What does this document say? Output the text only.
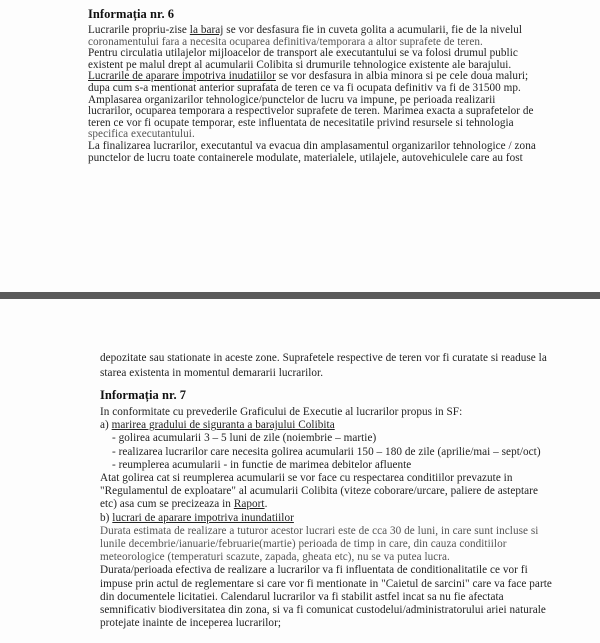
Informația nr. 6
Lucrarile propriu-zise la baraj se vor desfasura fie in cuveta golita a acumularii, fie de la nivelul
coronamentului fara a necesita ocuparea definitiva/temporara a altor suprafete de teren.
Pentru circulatia utilajelor mijloacelor de transport ale executantului se va folosi drumul public
existent pe malul drept al acumularii Colibita si drumurile tehnologice existente ale barajului.
Lucrarile de aparare impotriva inudatiilor se vor desfasura in albia minora si pe cele doua maluri;
dupa cum s-a mentionat anterior suprafata de teren ce va fi ocupata definitiv va fi de 31500 mp.
Amplasarea organizarilor tehnologice/punctelor de lucru va impune, pe perioada realizarii
lucrarilor, ocuparea temporara a respectivelor suprafete de teren. Marimea exacta a suprafetelor de
teren ce vor fi ocupate temporar, este influentata de necesitatile privind resursele si tehnologia
specifica executantului.
La finalizarea lucrarilor, executantul va evacua din amplasamentul organizarilor tehnologice / zona
punctelor de lucru toate containerele modulate, materialele, utilajele, autovehiculele care au fost
depozitate sau stationate in aceste zone. Suprafetele respective de teren vor fi curatate si readuse la
starea existenta in momentul demararii lucrarilor.
Informația nr. 7
In conformitate cu prevederile Graficului de Executie al lucrarilor propus in SF:
a) marirea gradului de siguranta a barajului Colibita
- golirea acumularii 3 – 5 luni de zile (noiembrie – martie)
- realizarea lucrarilor care necesita golirea acumularii 150 – 180 de zile (aprilie/mai – sept/oct)
- reumplerea acumularii - in functie de marimea debitelor afluente
Atat golirea cat si reumplerea acumularii se vor face cu respectarea conditiilor prevazute in
"Regulamentul de exploatare" al acumularii Colibita (viteze coborare/urcare, paliere de asteptare
etc) asa cum se precizeaza in Raport.
b) lucrari de aparare impotriva inundatiilor
Durata estimata de realizare a tuturor acestor lucrari este de cca 30 de luni, in care sunt incluse si
lunile decembrie/ianuarie/februarie(martie) perioada de timp in care, din cauza conditiilor
meteorologice (temperaturi scazute, zapada, gheata etc), nu se va putea lucra.
Durata/perioada efectiva de realizare a lucrarilor va fi influentata de conditionalitatile ce vor fi
impuse prin actul de reglementare si care vor fi mentionate in "Caietul de sarcini" care va face parte
din documentele licitatiei. Calendarul lucrarilor va fi stabilit astfel incat sa nu fie afectata
semnificativ biodiversitatea din zona, si va fi comunicat custodelui/administratorului ariei naturale
protejate inainte de inceperea lucrarilor;
